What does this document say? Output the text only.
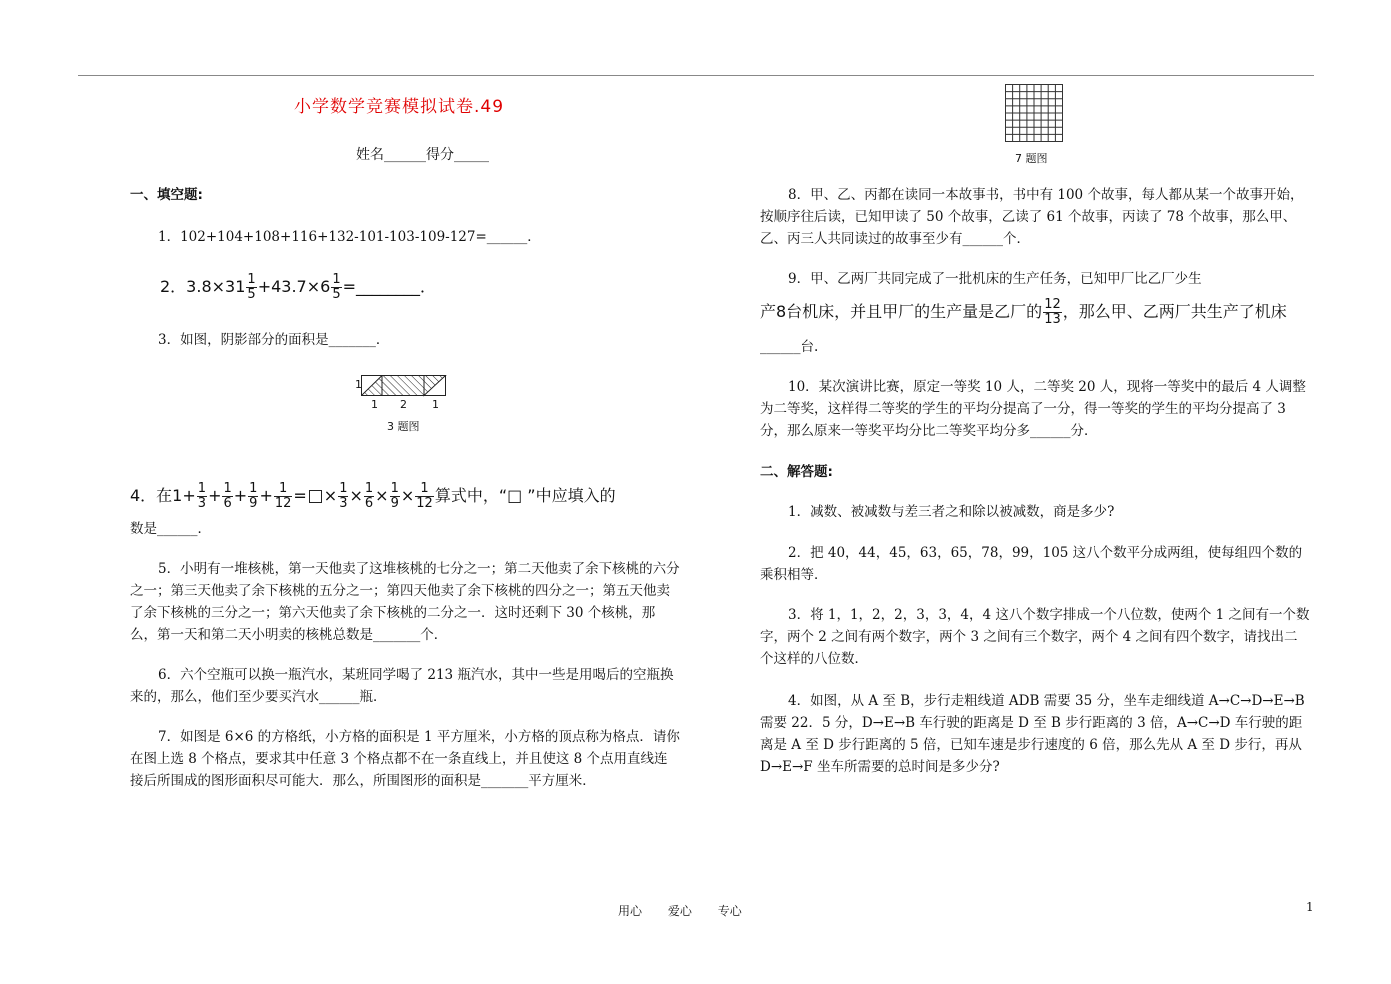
小学数学竞赛模拟试卷.49
姓名______得分_____
一、填空题:
1．102+104+108+116+132-101-103-109-127=______．
2．$3.8\times 31 \frac{1}{5} +43.7\times 6 \frac{1}{5}$ =________．
3．如图，阴影部分的面积是_______．
1
1 2 1
3 题图
4．在$1+ \frac{1}{3} + \frac{1}{6} + \frac{1}{9} + \frac{1}{12}$ = × $\frac{1}{3} \times \frac{1}{6} \times \frac{1}{9} \times \frac{1}{12}$ 算式中，“□ ”中应填入的
数是______．
5．小明有一堆核桃，第一天他卖了这堆核桃的七分之一；第二天他卖了余下核桃的六分之一；第三天他卖了余下核桃的五分之一；第四天他卖了余下核桃的四分之一；第五天他卖了余下核桃的三分之一；第六天他卖了余下核桃的二分之一．这时还剩下 30 个核桃，那么，第一天和第二天小明卖的核桃总数是_______个．
6．六个空瓶可以换一瓶汽水，某班同学喝了 213 瓶汽水，其中一些是用喝后的空瓶换来的，那么，他们至少要买汽水______瓶．
7．如图是 6×6 的方格纸，小方格的面积是 1 平方厘米，小方格的顶点称为格点．请你在图上选 8 个格点，要求其中任意 3 个格点都不在一条直线上，并且使这 8 个点用直线连接后所围成的图形面积尽可能大．那么，所围图形的面积是_______平方厘米．
7 题图
8．甲、乙、丙都在读同一本故事书，书中有 100 个故事，每人都从某一个故事开始，按顺序往后读，已知甲读了 50 个故事，乙读了 61 个故事，丙读了 78 个故事，那么甲、乙、丙三人共同读过的故事至少有______个．
9．甲、乙两厂共同完成了一批机床的生产任务，已知甲厂比乙厂少生
产8台机床，并且甲厂的生产量是乙厂的 $\frac{12}{13}$ ，那么甲、乙两厂共生产了机床
______台.
10．某次演讲比赛，原定一等奖 10 人，二等奖 20 人，现将一等奖中的最后 4 人调整为二等奖，这样得二等奖的学生的平均分提高了一分，得一等奖的学生的平均分提高了 3 分，那么原来一等奖平均分比二等奖平均分多______分．
二、解答题:
1．减数、被减数与差三者之和除以被减数，商是多少?
2．把 40，44，45，63，65，78，99，105 这八个数平分成两组，使每组四个数的乘积相等．
3．将 1，1，2，2，3，3，4，4 这八个数字排成一个八位数，使两个 1 之间有一个数字，两个 2 之间有两个数字，两个 3 之间有三个数字，两个 4 之间有四个数字，请找出二个这样的八位数．
4．如图，从 A 至 B，步行走粗线道 ADB 需要 35 分，坐车走细线道 A→C→D→E→B 需要 22．5 分，D→E→B 车行驶的距离是 D 至 B 步行距离的 3 倍，A→C→D 车行驶的距离是 A 至 D 步行距离的 5 倍，已知车速是步行速度的 6 倍，那么先从 A 至 D 步行，再从 D→E→F 坐车所需要的总时间是多少分?
用心 爱心 专心	1
